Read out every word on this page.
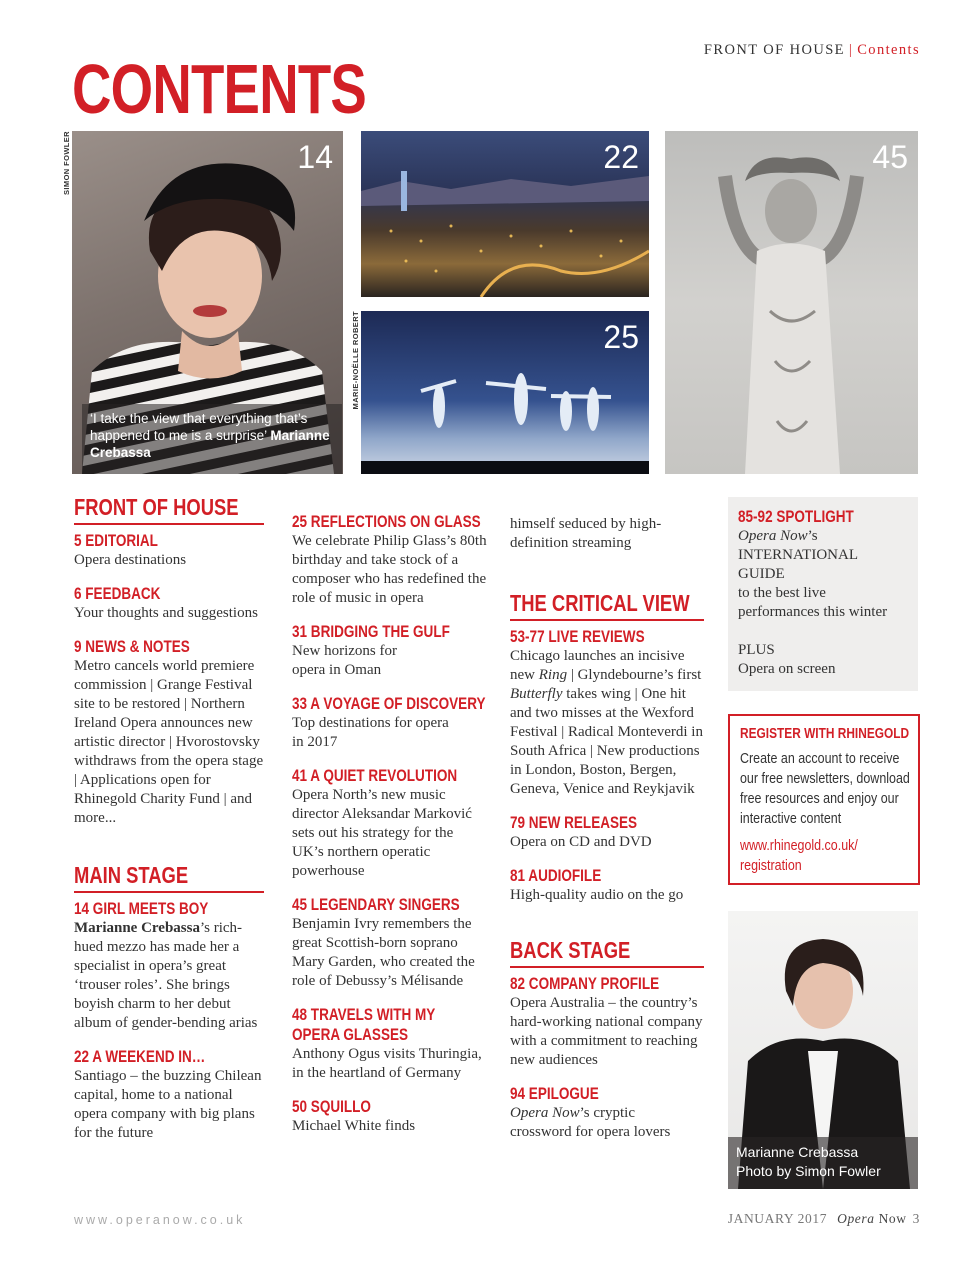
FRONT OF HOUSE | Contents
CONTENTS
SIMON FOWLER	14
‘I take the view that everything that’s happened to me is a surprise’ Marianne Crebassa
22
MARIE-NOËLLE ROBERT	25
45
FRONT OF HOUSE
5 EDITORIAL
Opera destinations
6 FEEDBACK
Your thoughts and suggestions
9 NEWS & NOTES
Metro cancels world premiere commission | Grange Festival site to be restored | Northern Ireland Opera announces new artistic director | Hvorostovsky withdraws from the opera stage | Applications open for Rhinegold Charity Fund | and more...
MAIN STAGE
14 GIRL MEETS BOY
Marianne Crebassa’s rich-hued mezzo has made her a specialist in opera’s great ‘trouser roles’. She brings boyish charm to her debut album of gender-bending arias
22 A WEEKEND IN…
Santiago – the buzzing Chilean capital, home to a national opera company with big plans for the future
25 REFLECTIONS ON GLASS
We celebrate Philip Glass’s 80th birthday and take stock of a composer who has redefined the role of music in opera
31 BRIDGING THE GULF
New horizons for opera in Oman
33 A VOYAGE OF DISCOVERY
Top destinations for opera in 2017
41 A QUIET REVOLUTION
Opera North’s new music director Aleksandar Marković sets out his strategy for the UK’s northern operatic powerhouse
45 LEGENDARY SINGERS
Benjamin Ivry remembers the great Scottish-born soprano Mary Garden, who created the role of Debussy’s Mélisande
48 TRAVELS WITH MY
OPERA GLASSES
Anthony Ogus visits Thuringia, in the heartland of Germany
50 SQUILLO
Michael White finds
himself seduced by high-definition streaming
THE CRITICAL VIEW
53-77 LIVE REVIEWS
Chicago launches an incisive new Ring | Glyndebourne’s first Butterfly takes wing | One hit and two misses at the Wexford Festival | Radical Monteverdi in South Africa | New productions in London, Boston, Bergen, Geneva, Venice and Reykjavik
79 NEW RELEASES
Opera on CD and DVD
81 AUDIOFILE
High-quality audio on the go
BACK STAGE
82 COMPANY PROFILE
Opera Australia – the country’s hard-working national company with a commitment to reaching new audiences
94 EPILOGUE
Opera Now’s cryptic crossword for opera lovers
85-92 SPOTLIGHT
Opera Now’s
INTERNATIONAL GUIDE
to the best live performances this winter
PLUS
Opera on screen
REGISTER WITH RHINEGOLD
Create an account to receive our free newsletters, download free resources and enjoy our interactive content
www.rhinegold.co.uk/ registration
Marianne Crebassa
Photo by Simon Fowler
www.operanow.co.uk	JANUARY 2017 Opera Now 3
